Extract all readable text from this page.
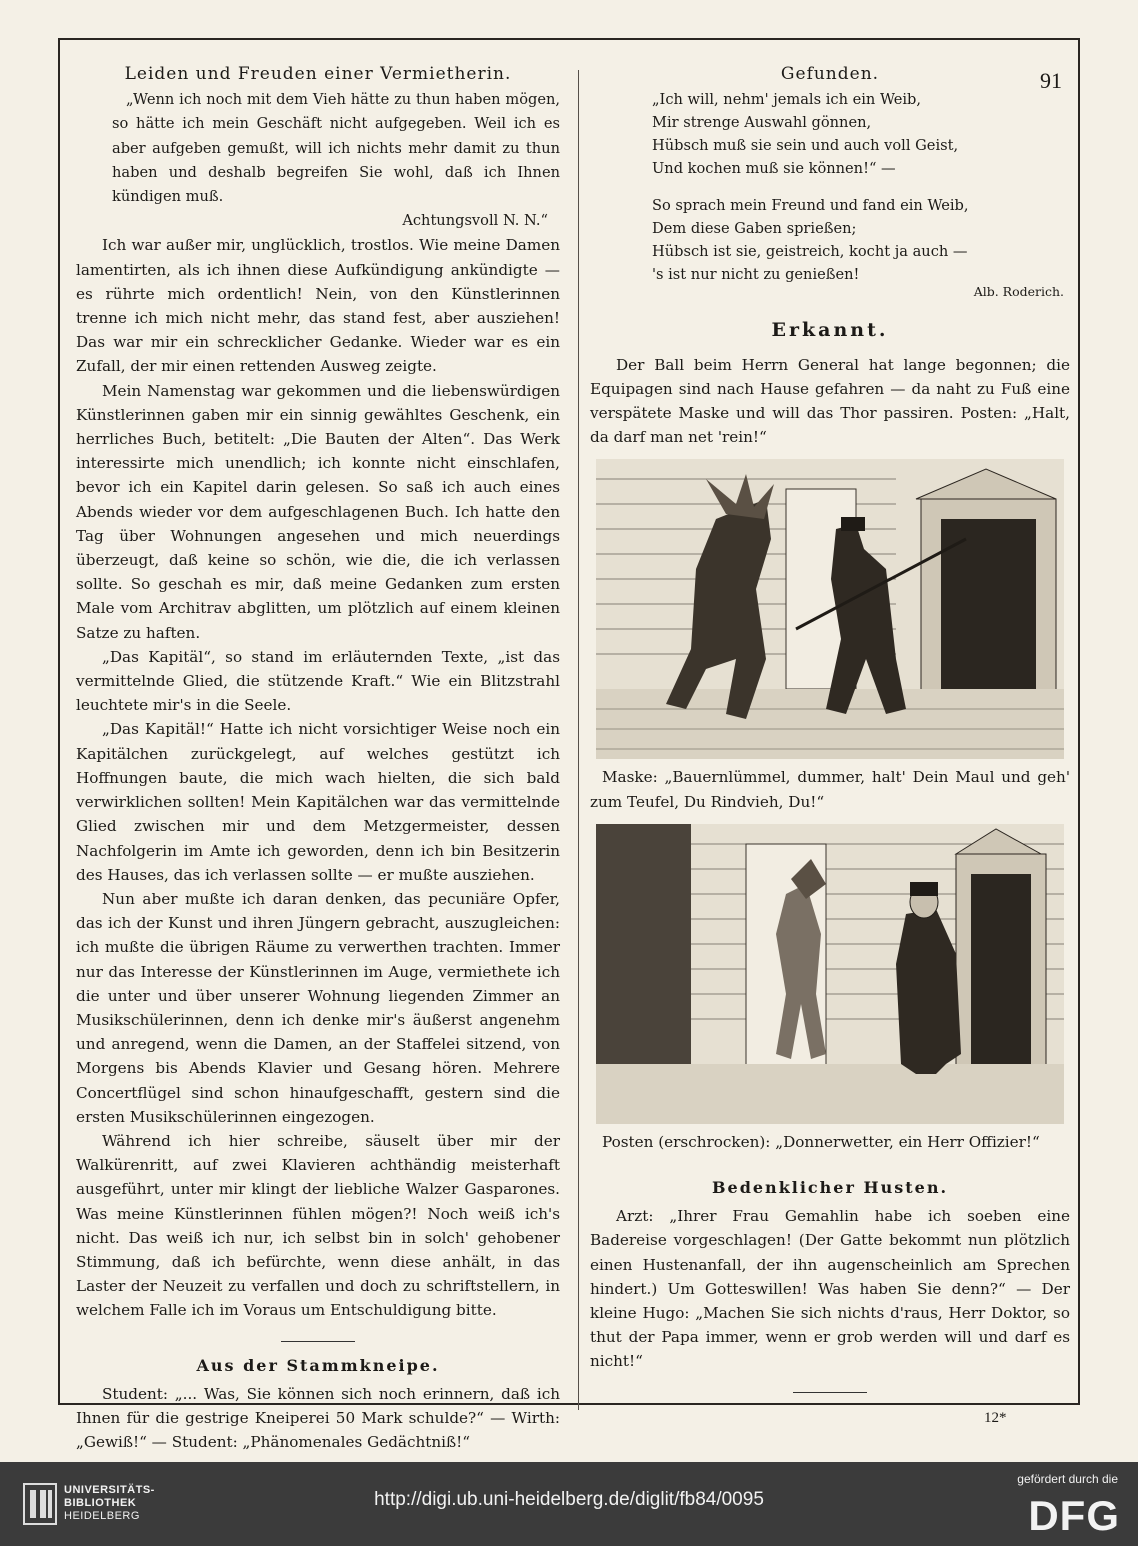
91
Leiden und Freuden einer Vermietherin.

„Wenn ich noch mit dem Vieh hätte zu thun haben mögen, so hätte ich mein Geschäft nicht aufgegeben. Weil ich es aber aufgeben gemußt, will ich nichts mehr damit zu thun haben und deshalb begreifen Sie wohl, daß ich Ihnen kündigen muß.

Achtungsvoll N. N.“

Ich war außer mir, unglücklich, trostlos. Wie meine Damen lamentirten, als ich ihnen diese Aufkündigung ankündigte — es rührte mich ordentlich! Nein, von den Künstlerinnen trenne ich mich nicht mehr, das stand fest, aber ausziehen! Das war mir ein schrecklicher Gedanke. Wieder war es ein Zufall, der mir einen rettenden Ausweg zeigte.

Mein Namenstag war gekommen und die liebenswürdigen Künstlerinnen gaben mir ein sinnig gewähltes Geschenk, ein herrliches Buch, betitelt: „Die Bauten der Alten“. Das Werk interessirte mich unendlich; ich konnte nicht einschlafen, bevor ich ein Kapitel darin gelesen. So saß ich auch eines Abends wieder vor dem aufgeschlagenen Buch. Ich hatte den Tag über Wohnungen angesehen und mich neuerdings überzeugt, daß keine so schön, wie die, die ich verlassen sollte. So geschah es mir, daß meine Gedanken zum ersten Male vom Architrav abglitten, um plötzlich auf einem kleinen Satze zu haften.

„Das Kapitäl“, so stand im erläuternden Texte, „ist das vermittelnde Glied, die stützende Kraft.“ Wie ein Blitzstrahl leuchtete mir's in die Seele.

„Das Kapitäl!“ Hatte ich nicht vorsichtiger Weise noch ein Kapitälchen zurückgelegt, auf welches gestützt ich Hoffnungen baute, die mich wach hielten, die sich bald verwirklichen sollten! Mein Kapitälchen war das vermittelnde Glied zwischen mir und dem Metzgermeister, dessen Nachfolgerin im Amte ich geworden, denn ich bin Besitzerin des Hauses, das ich verlassen sollte — er mußte ausziehen.

Nun aber mußte ich daran denken, das pecuniäre Opfer, das ich der Kunst und ihren Jüngern gebracht, auszugleichen: ich mußte die übrigen Räume zu verwerthen trachten. Immer nur das Interesse der Künstlerinnen im Auge, vermiethete ich die unter und über unserer Wohnung liegenden Zimmer an Musikschülerinnen, denn ich denke mir's äußerst angenehm und anregend, wenn die Damen, an der Staffelei sitzend, von Morgens bis Abends Klavier und Gesang hören. Mehrere Concertflügel sind schon hinaufgeschafft, gestern sind die ersten Musikschülerinnen eingezogen.

Während ich hier schreibe, säuselt über mir der Walkürenritt, auf zwei Klavieren achthändig meisterhaft ausgeführt, unter mir klingt der liebliche Walzer Gasparones. Was meine Künstlerinnen fühlen mögen?! Noch weiß ich's nicht. Das weiß ich nur, ich selbst bin in solch' gehobener Stimmung, daß ich befürchte, wenn diese anhält, in das Laster der Neuzeit zu verfallen und doch zu schriftstellern, in welchem Falle ich im Voraus um Entschuldigung bitte.

Aus der Stammkneipe.

Student: „... Was, Sie können sich noch erinnern, daß ich Ihnen für die gestrige Kneiperei 50 Mark schulde?“ — Wirth: „Gewiß!“ — Student: „Phänomenales Gedächtniß!“

Gefunden.
„Ich will, nehm' jemals ich ein Weib,
Mir strenge Auswahl gönnen,
Hübsch muß sie sein und auch voll Geist,
Und kochen muß sie können!“ —
So sprach mein Freund und fand ein Weib,
Dem diese Gaben sprießen;
Hübsch ist sie, geistreich, kocht ja auch —
's ist nur nicht zu genießen!
Alb. Roderich.
Erkannt.

Der Ball beim Herrn General hat lange begonnen; die Equipagen sind nach Hause gefahren — da naht zu Fuß eine verspätete Maske und will das Thor passiren. Posten: „Halt, da darf man net 'rein!“

Maske: „Bauernlümmel, dummer, halt' Dein Maul und geh' zum Teufel, Du Rindvieh, Du!“

Posten (erschrocken): „Donnerwetter, ein Herr Offizier!“

Bedenklicher Husten.

Arzt: „Ihrer Frau Gemahlin habe ich soeben eine Badereise vorgeschlagen! (Der Gatte bekommt nun plötzlich einen Hustenanfall, der ihn augenscheinlich am Sprechen hindert.) Um Gotteswillen! Was haben Sie denn?“ — Der kleine Hugo: „Machen Sie sich nichts d'raus, Herr Doktor, so thut der Papa immer, wenn er grob werden will und darf es nicht!“

12*
UNIVERSITÄTS-
BIBLIOTHEK
HEIDELBERG
http://digi.ub.uni-heidelberg.de/diglit/fb84/0095
gefördert durch die
DFG
